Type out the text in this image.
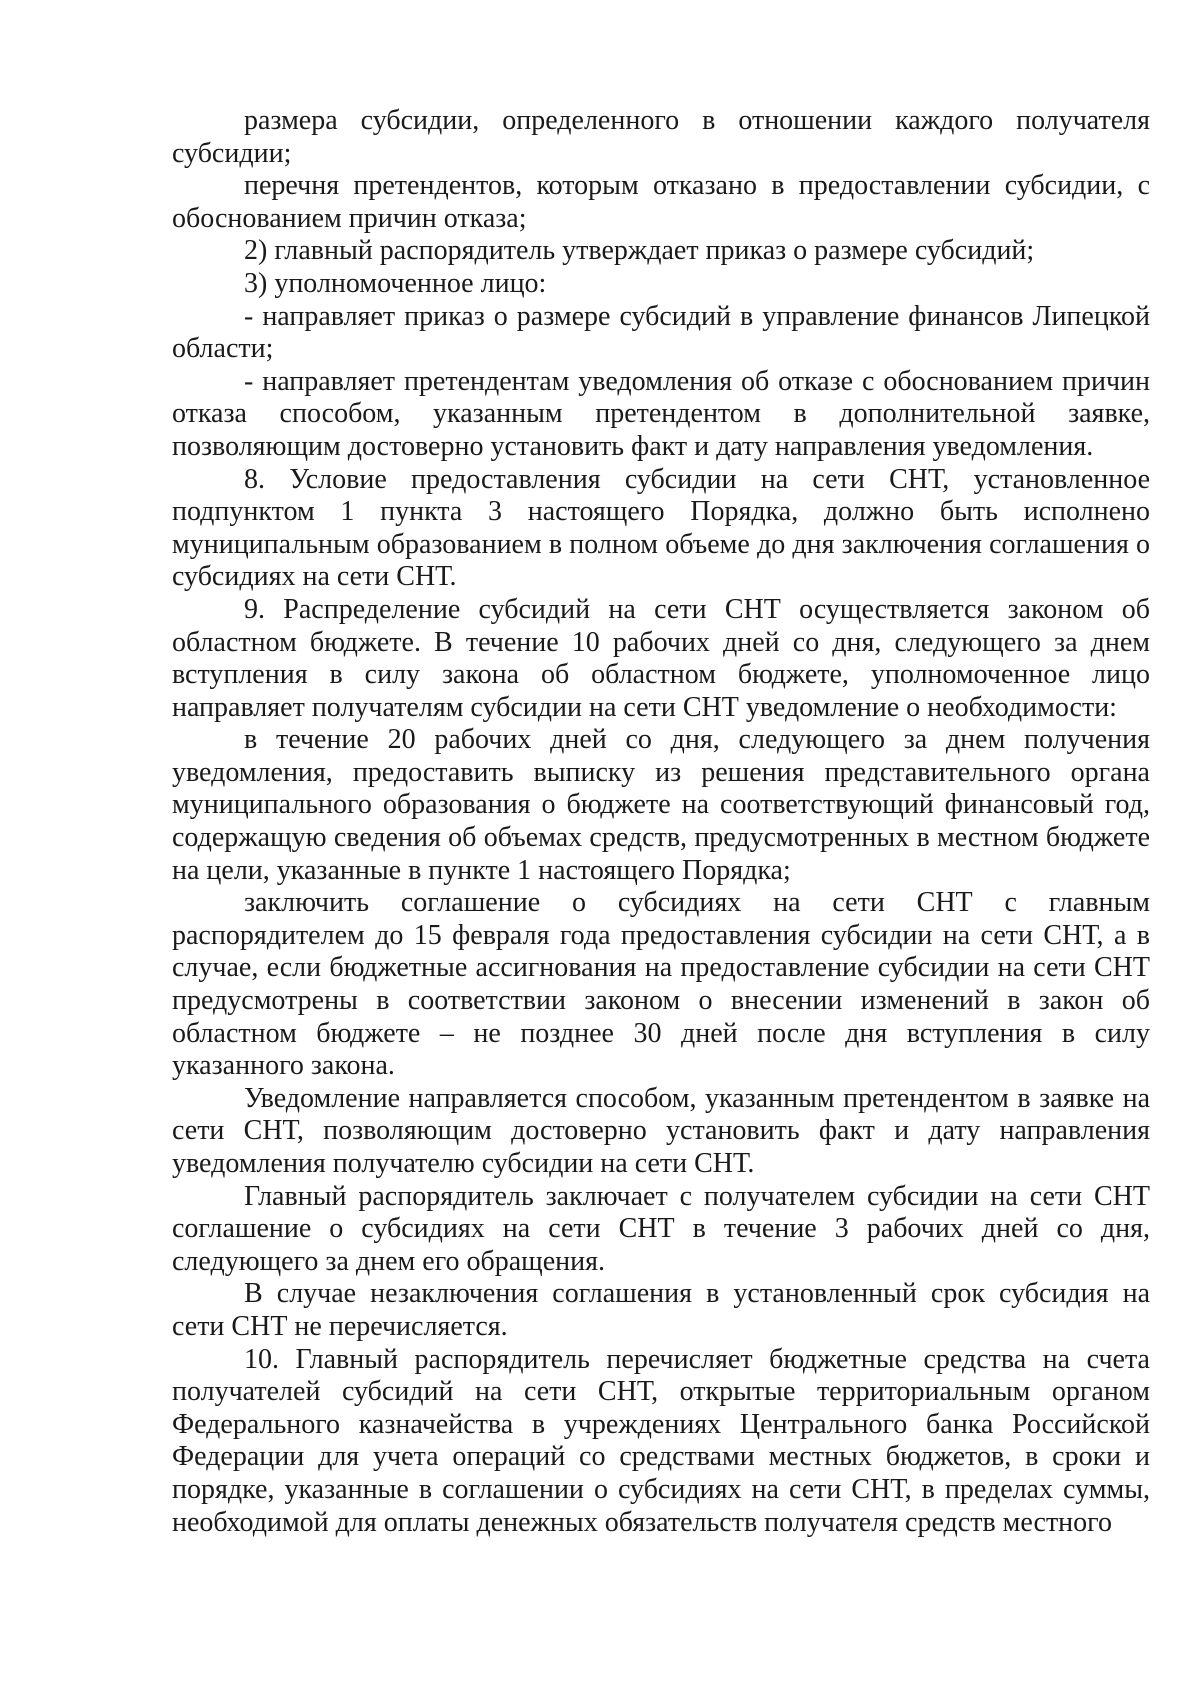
размера субсидии, определенного в отношении каждого получателя субсидии;

перечня претендентов, которым отказано в предоставлении субсидии, с обоснованием причин отказа;

2) главный распорядитель утверждает приказ о размере субсидий;

3) уполномоченное лицо:

- направляет приказ о размере субсидий в управление финансов Липецкой области;

- направляет претендентам уведомления об отказе с обоснованием причин отказа способом, указанным претендентом в дополнительной заявке, позволяющим достоверно установить факт и дату направления уведомления.

8. Условие предоставления субсидии на сети СНТ, установленное подпунктом 1 пункта 3 настоящего Порядка, должно быть исполнено муниципальным образованием в полном объеме до дня заключения соглашения о субсидиях на сети СНТ.

9. Распределение субсидий на сети СНТ осуществляется законом об областном бюджете. В течение 10 рабочих дней со дня, следующего за днем вступления в силу закона об областном бюджете, уполномоченное лицо направляет получателям субсидии на сети СНТ уведомление о необходимости:

в течение 20 рабочих дней со дня, следующего за днем получения уведомления, предоставить выписку из решения представительного органа муниципального образования о бюджете на соответствующий финансовый год, содержащую сведения об объемах средств, предусмотренных в местном бюджете на цели, указанные в пункте 1 настоящего Порядка;

заключить соглашение о субсидиях на сети СНТ с главным распорядителем до 15 февраля года предоставления субсидии на сети СНТ, а в случае, если бюджетные ассигнования на предоставление субсидии на сети СНТ предусмотрены в соответствии законом о внесении изменений в закон об областном бюджете – не позднее 30 дней после дня вступления в силу указанного закона.

Уведомление направляется способом, указанным претендентом в заявке на сети СНТ, позволяющим достоверно установить факт и дату направления уведомления получателю субсидии на сети СНТ.

Главный распорядитель заключает с получателем субсидии на сети СНТ соглашение о субсидиях на сети СНТ в течение 3 рабочих дней со дня, следующего за днем его обращения.

В случае незаключения соглашения в установленный срок субсидия на сети СНТ не перечисляется.

10. Главный распорядитель перечисляет бюджетные средства на счета получателей субсидий на сети СНТ, открытые территориальным органом Федерального казначейства в учреждениях Центрального банка Российской Федерации для учета операций со средствами местных бюджетов, в сроки и порядке, указанные в соглашении о субсидиях на сети СНТ, в пределах суммы, необходимой для оплаты денежных обязательств получателя средств местного
